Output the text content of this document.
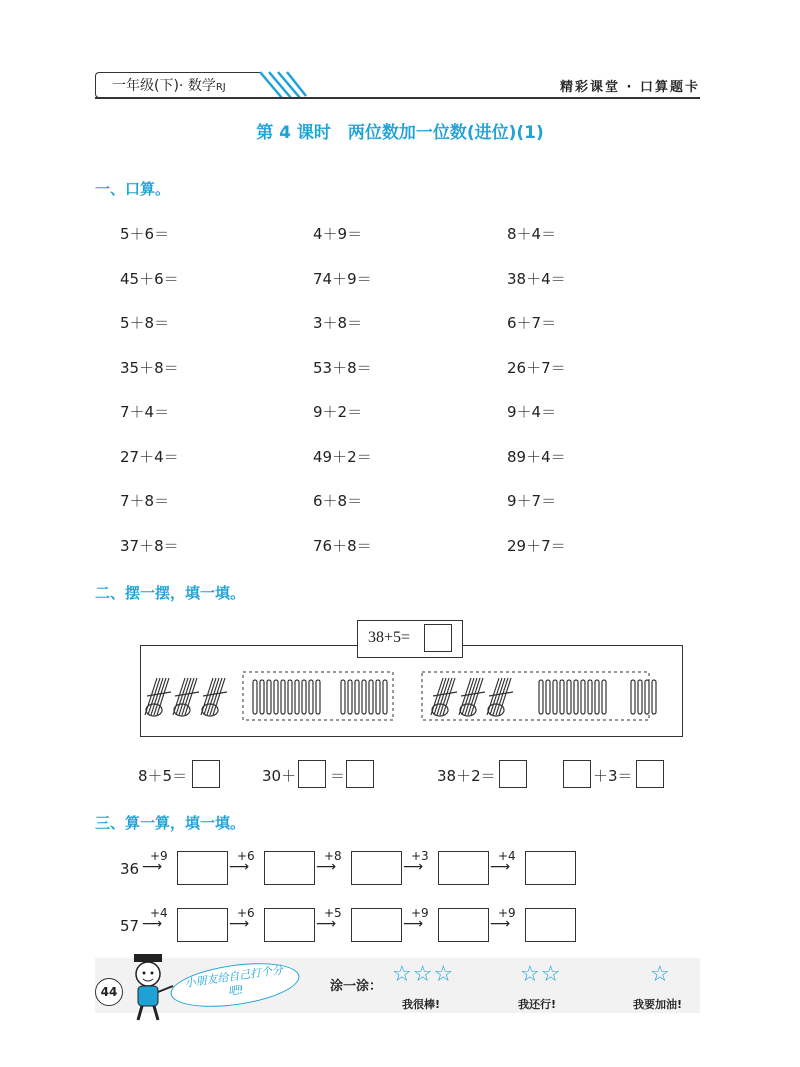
一年级(下)· 数学RJ	精彩课堂 · 口算题卡
第 4 课时　两位数加一位数(进位)(1)
一、口算。
5＋6＝	4＋9＝	8＋4＝
45＋6＝	74＋9＝	38＋4＝
5＋8＝	3＋8＝	6＋7＝
35＋8＝	53＋8＝	26＋7＝
7＋4＝	9＋2＝	9＋4＝
27＋4＝	49＋2＝	89＋4＝
7＋8＝	6＋8＝	9＋7＝
37＋8＝	76＋8＝	29＋7＝
二、摆一摆，填一填。
38+5=
8＋5＝	30＋ ＝	38＋2＝	＋3＝
三、算一算，填一填。
36
+9
⟶
+6
⟶
+8
⟶
+3
⟶
+4
⟶
57
+4
⟶
+6
⟶
+5
⟶
+9
⟶
+9
⟶
44
小朋友给自己打个分吧!	涂一涂： ☆☆☆
我很棒!
☆☆
我还行!
☆
我要加油!
